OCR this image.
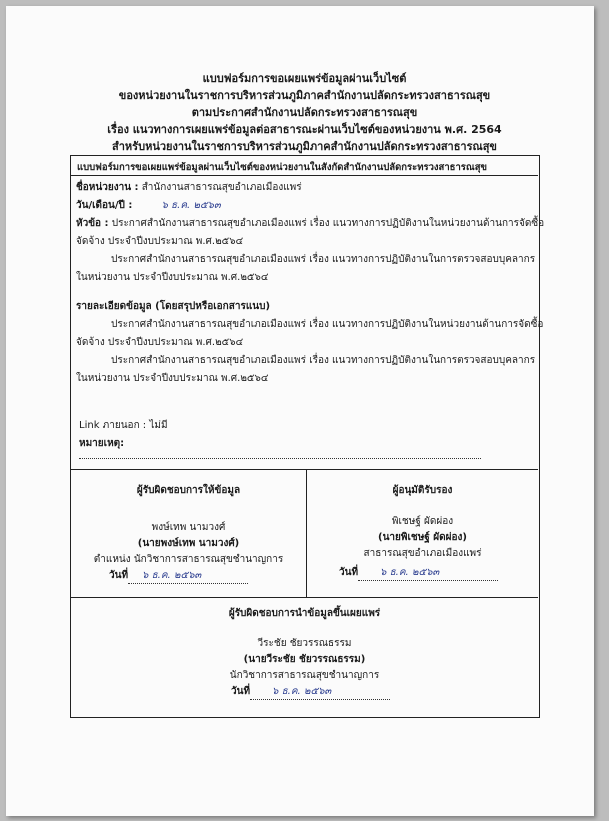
แบบฟอร์มการขอเผยแพร่ข้อมูลผ่านเว็บไซต์
ของหน่วยงานในราชการบริหารส่วนภูมิภาคสำนักงานปลัดกระทรวงสาธารณสุข
ตามประกาศสำนักงานปลัดกระทรวงสาธารณสุข
เรื่อง แนวทางการเผยแพร่ข้อมูลต่อสาธารณะผ่านเว็บไซต์ของหน่วยงาน พ.ศ. 2564
สำหรับหน่วยงานในราชการบริหารส่วนภูมิภาคสำนักงานปลัดกระทรวงสาธารณสุข
แบบฟอร์มการขอเผยแพร่ข้อมูลผ่านเว็บไซต์ของหน่วยงานในสังกัดสำนักงานปลัดกระทรวงสาธารณสุข
ชื่อหน่วยงาน : สำนักงานสาธารณสุขอำเภอเมืองแพร่
วัน/เดือน/ปี :	๖ ธ.ค. ๒๕๖๓
หัวข้อ : ประกาศสำนักงานสาธารณสุขอำเภอเมืองแพร่ เรื่อง แนวทางการปฏิบัติงานในหน่วยงานด้านการจัดซื้อ
จัดจ้าง ประจำปีงบประมาณ พ.ศ.๒๕๖๔
ประกาศสำนักงานสาธารณสุขอำเภอเมืองแพร่ เรื่อง แนวทางการปฏิบัติงานในการตรวจสอบบุคลากร
ในหน่วยงาน ประจำปีงบประมาณ พ.ศ.๒๕๖๔
รายละเอียดข้อมูล (โดยสรุปหรือเอกสารแนบ)
ประกาศสำนักงานสาธารณสุขอำเภอเมืองแพร่ เรื่อง แนวทางการปฏิบัติงานในหน่วยงานด้านการจัดซื้อ
จัดจ้าง ประจำปีงบประมาณ พ.ศ.๒๕๖๔
ประกาศสำนักงานสาธารณสุขอำเภอเมืองแพร่ เรื่อง แนวทางการปฏิบัติงานในการตรวจสอบบุคลากร
ในหน่วยงาน ประจำปีงบประมาณ พ.ศ.๒๕๖๔
Link ภายนอก : ไม่มี
หมายเหตุ:
ผู้รับผิดชอบการให้ข้อมูล
พงษ์เทพ นามวงศ์
(นายพงษ์เทพ นามวงศ์)
ตำแหน่ง นักวิชาการสาธารณสุขชำนาญการ
วันที่ ๖ ธ.ค. ๒๕๖๓
ผู้อนุมัติรับรอง
พิเชษฐ์ ผัดผ่อง
(นายพิเชษฐ์ ผัดผ่อง)
สาธารณสุขอำเภอเมืองแพร่
วันที่ ๖ ธ.ค. ๒๕๖๓
ผู้รับผิดชอบการนำข้อมูลขึ้นเผยแพร่
วีระชัย ชัยวรรณธรรม
(นายวีระชัย ชัยวรรณธรรม)
นักวิชาการสาธารณสุขชำนาญการ
วันที่ ๖ ธ.ค. ๒๕๖๓
